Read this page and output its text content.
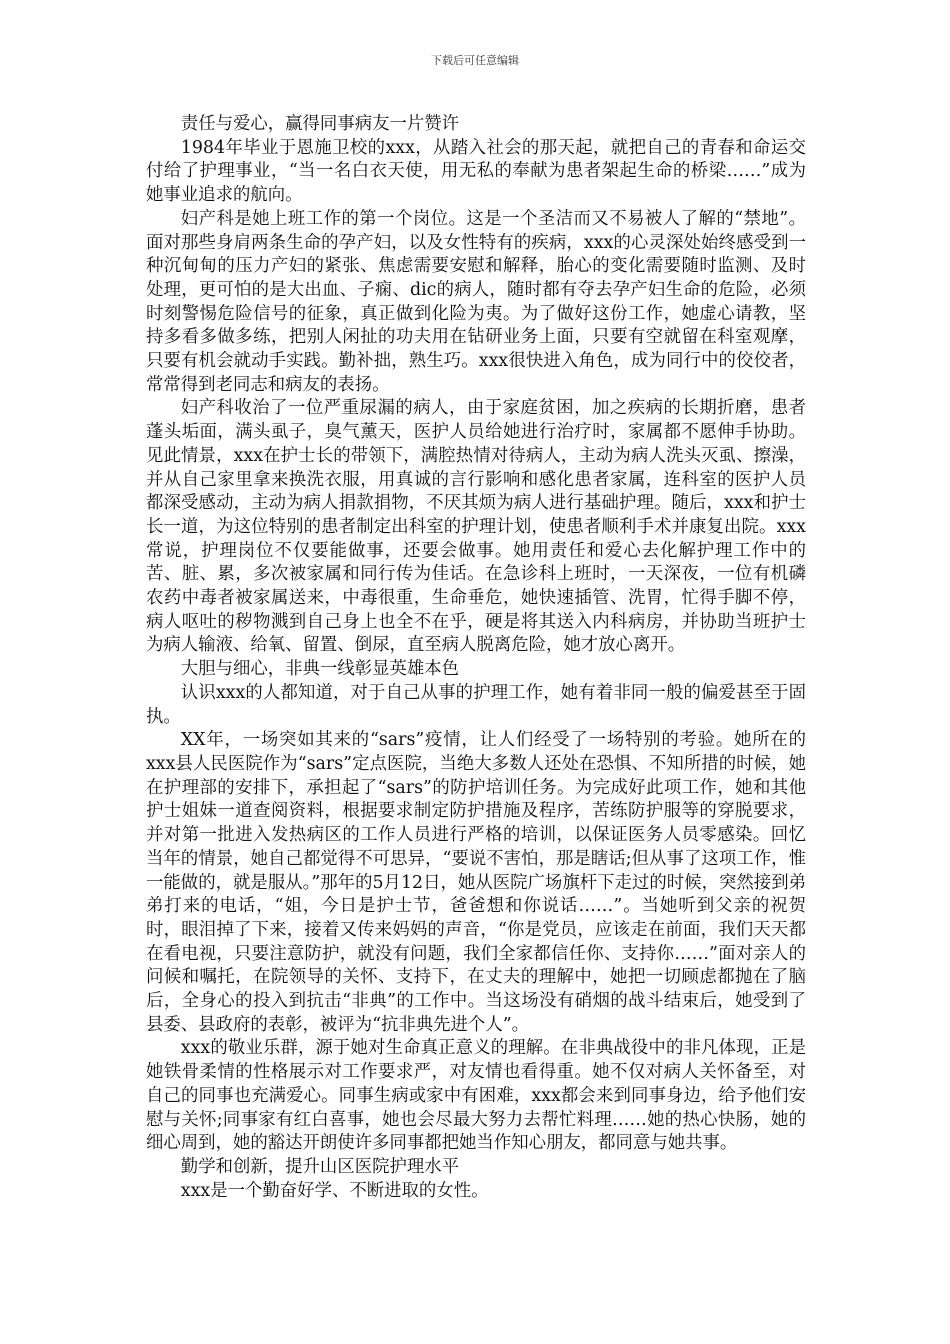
下载后可任意编辑

责任与爱心，赢得同事病友一片赞许

1984年毕业于恩施卫校的xxx，从踏入社会的那天起，就把自己的青春和命运交付给了护理事业，“当一名白衣天使，用无私的奉献为患者架起生命的桥梁……”成为她事业追求的航向。

妇产科是她上班工作的第一个岗位。这是一个圣洁而又不易被人了解的“禁地”。面对那些身肩两条生命的孕产妇，以及女性特有的疾病，xxx的心灵深处始终感受到一种沉甸甸的压力产妇的紧张、焦虑需要安慰和解释，胎心的变化需要随时监测、及时处理，更可怕的是大出血、子痫、dic的病人，随时都有夺去孕产妇生命的危险，必须时刻警惕危险信号的征象，真正做到化险为夷。为了做好这份工作，她虚心请教，坚持多看多做多练，把别人闲扯的功夫用在钻研业务上面，只要有空就留在科室观摩，只要有机会就动手实践。勤补拙，熟生巧。xxx很快进入角色，成为同行中的佼佼者，常常得到老同志和病友的表扬。

妇产科收治了一位严重尿漏的病人，由于家庭贫困，加之疾病的长期折磨，患者蓬头垢面，满头虱子，臭气薰天，医护人员给她进行治疗时，家属都不愿伸手协助。见此情景，xxx在护士长的带领下，满腔热情对待病人，主动为病人洗头灭虱、擦澡，并从自己家里拿来换洗衣服，用真诚的言行影响和感化患者家属，连科室的医护人员都深受感动，主动为病人捐款捐物，不厌其烦为病人进行基础护理。随后，xxx和护士长一道，为这位特别的患者制定出科室的护理计划，使患者顺利手术并康复出院。xxx常说，护理岗位不仅要能做事，还要会做事。她用责任和爱心去化解护理工作中的苦、脏、累，多次被家属和同行传为佳话。在急诊科上班时，一天深夜，一位有机磷农药中毒者被家属送来，中毒很重，生命垂危，她快速插管、洗胃，忙得手脚不停，病人呕吐的秽物溅到自己身上也全不在乎，硬是将其送入内科病房，并协助当班护士为病人输液、给氧、留置、倒尿，直至病人脱离危险，她才放心离开。

大胆与细心，非典一线彰显英雄本色

认识xxx的人都知道，对于自己从事的护理工作，她有着非同一般的偏爱甚至于固执。

XX年，一场突如其来的“sars”疫情，让人们经受了一场特别的考验。她所在的xxx县人民医院作为“sars”定点医院，当绝大多数人还处在恐惧、不知所措的时候，她在护理部的安排下，承担起了“sars”的防护培训任务。为完成好此项工作，她和其他护士姐妹一道查阅资料，根据要求制定防护措施及程序，苦练防护服等的穿脱要求，并对第一批进入发热病区的工作人员进行严格的培训，以保证医务人员零感染。回忆当年的情景，她自己都觉得不可思异，“要说不害怕，那是瞎话;但从事了这项工作，惟一能做的，就是服从。”那年的5月12日，她从医院广场旗杆下走过的时候，突然接到弟弟打来的电话，“姐，今日是护士节，爸爸想和你说话……”。当她听到父亲的祝贺时，眼泪掉了下来，接着又传来妈妈的声音，“你是党员，应该走在前面，我们天天都在看电视，只要注意防护，就没有问题，我们全家都信任你、支持你……”面对亲人的问候和嘱托，在院领导的关怀、支持下，在丈夫的理解中，她把一切顾虑都抛在了脑后，全身心的投入到抗击“非典”的工作中。当这场没有硝烟的战斗结束后，她受到了县委、县政府的表彰，被评为“抗非典先进个人”。

xxx的敬业乐群，源于她对生命真正意义的理解。在非典战役中的非凡体现，正是她铁骨柔情的性格展示对工作要求严，对友情也看得重。她不仅对病人关怀备至，对自己的同事也充满爱心。同事生病或家中有困难，xxx都会来到同事身边，给予他们安慰与关怀;同事家有红白喜事，她也会尽最大努力去帮忙料理……她的热心快肠，她的细心周到，她的豁达开朗使许多同事都把她当作知心朋友，都同意与她共事。

勤学和创新，提升山区医院护理水平

xxx是一个勤奋好学、不断进取的女性。
